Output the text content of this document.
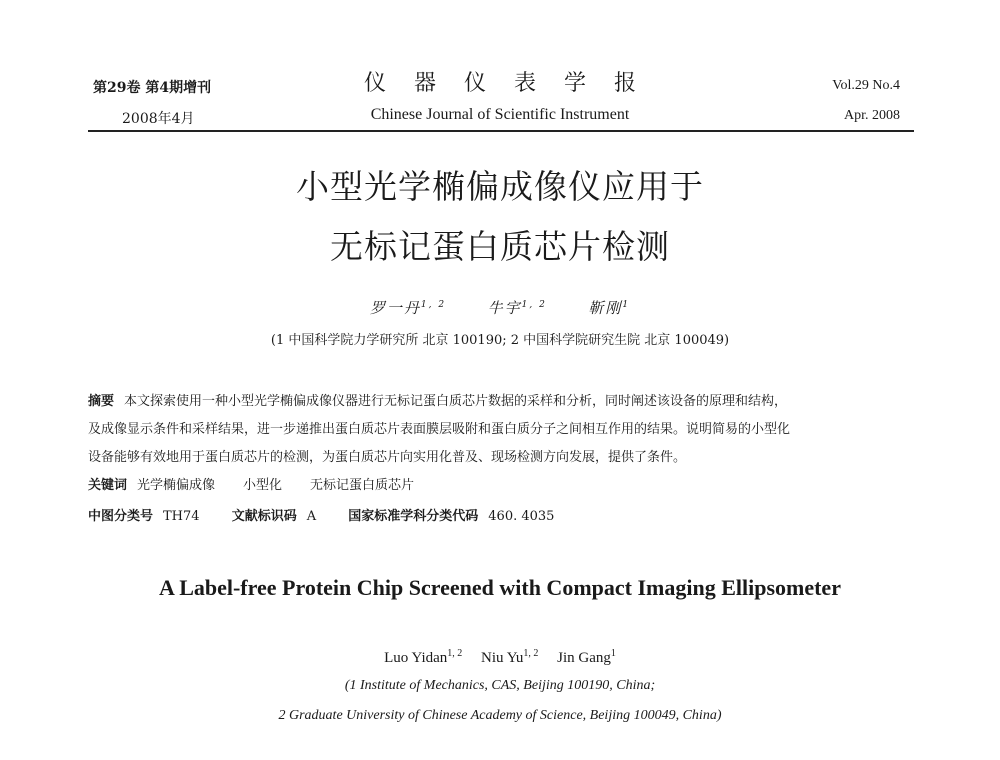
第29卷 第4期增刊
2008年4月
仪器仪表学报
Chinese Journal of Scientific Instrument
Vol.29 No.4
Apr. 2008
小型光学椭偏成像仪应用于
无标记蛋白质芯片检测
罗一丹$^{1, 2}$	牛宇$^{1, 2}$	靳刚$^1$
(1 中国科学院力学研究所 北京 100190; 2 中国科学院研究生院 北京 100049)
摘要 本文探索使用一种小型光学椭偏成像仪器进行无标记蛋白质芯片数据的采样和分析，同时阐述该设备的原理和结构，
及成像显示条件和采样结果，进一步递推出蛋白质芯片表面膜层吸附和蛋白质分子之间相互作用的结果。说明简易的小型化
设备能够有效地用于蛋白质芯片的检测，为蛋白质芯片向实用化普及、现场检测方向发展，提供了条件。
关键词 光学椭偏成像 小型化 无标记蛋白质芯片
中图分类号 TH74 文献标识码 A 国家标准学科分类代码 460. 4035
A Label-free Protein Chip Screened with Compact Imaging Ellipsometer
Luo Yidan$^{1, 2}$ Niu Yu$^{1, 2}$ Jin Gang$^1$
(1 Institute of Mechanics, CAS, Beijing 100190, China;
2 Graduate University of Chinese Academy of Science, Beijing 100049, China)
